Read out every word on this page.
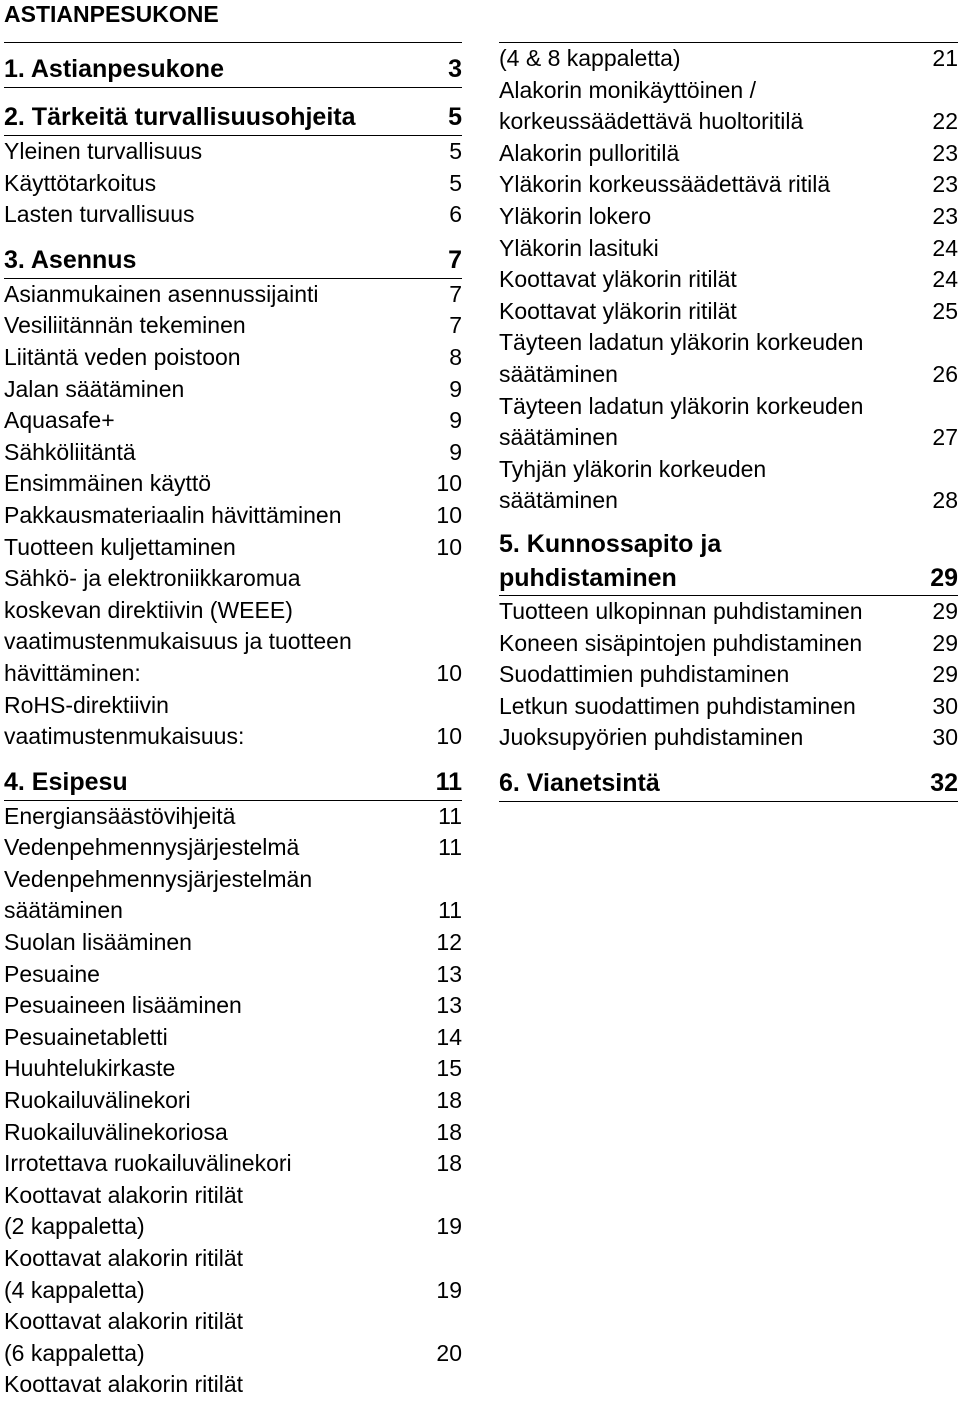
ASTIANPESUKONE
1. Astianpesukone	3
2. Tärkeitä turvallisuusohjeita	5
Yleinen turvallisuus	5
Käyttötarkoitus	5
Lasten turvallisuus	6
3. Asennus	7
Asianmukainen asennussijainti	7
Vesiliitännän tekeminen	7
Liitäntä veden poistoon	8
Jalan säätäminen	9
Aquasafe+	9
Sähköliitäntä	9
Ensimmäinen käyttö	10
Pakkausmateriaalin hävittäminen	10
Tuotteen kuljettaminen	10
Sähkö- ja elektroniikkaromua
koskevan direktiivin (WEEE)
vaatimustenmukaisuus ja tuotteen
hävittäminen:	10
RoHS-direktiivin
vaatimustenmukaisuus:	10
4. Esipesu	11
Energiansäästövihjeitä	11
Vedenpehmennysjärjestelmä	11
Vedenpehmennysjärjestelmän
säätäminen	11
Suolan lisääminen	12
Pesuaine	13
Pesuaineen lisääminen	13
Pesuainetabletti	14
Huuhtelukirkaste	15
Ruokailuvälinekori	18
Ruokailuvälinekoriosa	18
Irrotettava ruokailuvälinekori	18
Koottavat alakorin ritilät
(2 kappaletta)	19
Koottavat alakorin ritilät
(4 kappaletta)	19
Koottavat alakorin ritilät
(6 kappaletta)	20
Koottavat alakorin ritilät
(4 & 8 kappaletta)	21
Alakorin monikäyttöinen /
korkeussäädettävä huoltoritilä	22
Alakorin pulloritilä	23
Yläkorin korkeussäädettävä ritilä	23
Yläkorin lokero	23
Yläkorin lasituki	24
Koottavat yläkorin ritilät	24
Koottavat yläkorin ritilät	25
Täyteen ladatun yläkorin korkeuden
säätäminen	26
Täyteen ladatun yläkorin korkeuden
säätäminen	27
Tyhjän yläkorin korkeuden
säätäminen	28
5. Kunnossapito ja
puhdistaminen	29
Tuotteen ulkopinnan puhdistaminen	29
Koneen sisäpintojen puhdistaminen	29
Suodattimien puhdistaminen	29
Letkun suodattimen puhdistaminen	30
Juoksupyörien puhdistaminen	30
6. Vianetsintä	32
